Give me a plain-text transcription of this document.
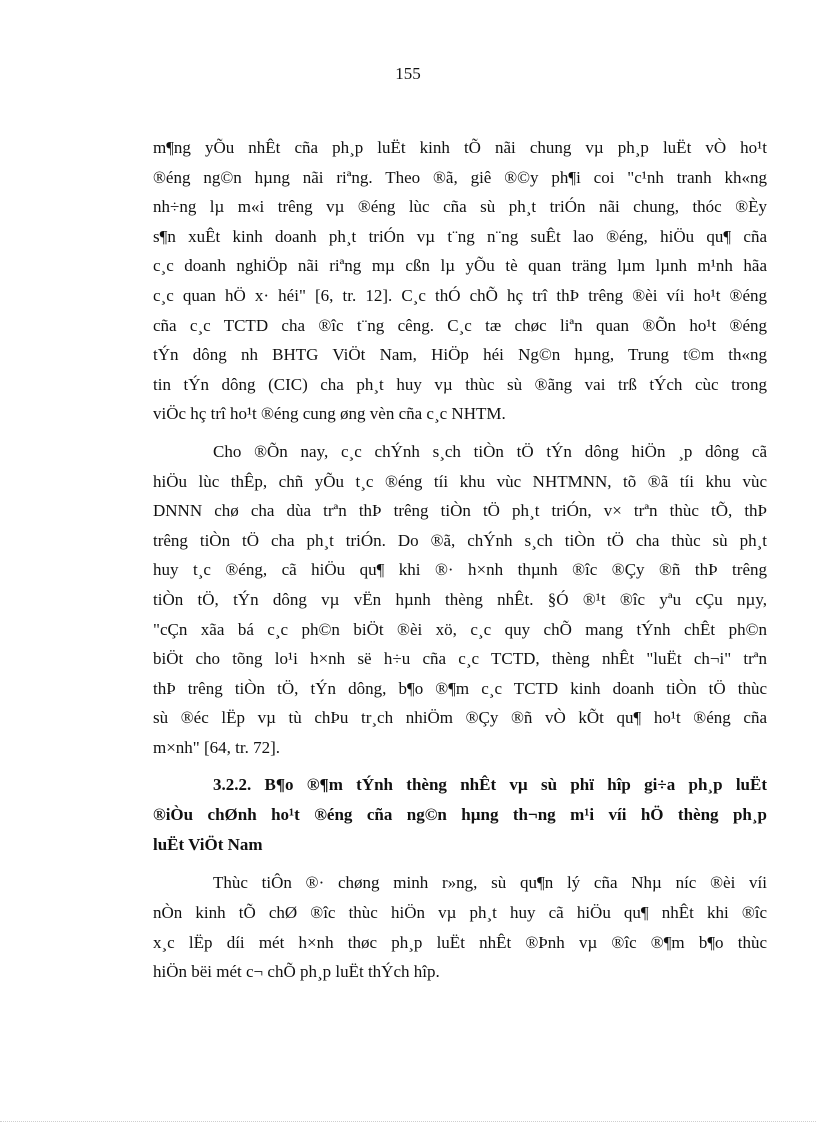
155
m¶ng yÕu nhÊt cña ph¸p luËt kinh tÕ nãi chung vµ ph¸p luËt vÒ ho¹t
®éng ng©n hµng nãi riªng. Theo ®ã, giê ®©y ph¶i coi "c¹nh tranh kh«ng
nh÷ng lµ m«i trêng vµ ®éng lùc cña sù ph¸t triÓn nãi chung, thóc ®Èy
s¶n xuÊt kinh doanh ph¸t triÓn vµ t¨ng n¨ng suÊt lao ®éng, hiÖu qu¶ cña
c¸c doanh nghiÖp nãi riªng mµ cßn lµ yÕu tè quan träng lµm lµnh m¹nh hãa
c¸c quan hÖ x· héi" [6, tr. 12]. C¸c thÓ chÕ hç trî thÞ trêng ®èi víi ho¹t ®éng
cña c¸c TCTD cha ®îc t¨ng cêng. C¸c tæ chøc liªn quan ®Õn ho¹t ®éng
tÝn dông nh BHTG ViÖt Nam, HiÖp héi Ng©n hµng, Trung t©m th«ng
tin tÝn dông (CIC) cha ph¸t huy vµ thùc sù ®ãng vai trß tÝch cùc trong
viÖc hç trî ho¹t ®éng cung øng vèn cña c¸c NHTM.
Cho ®Õn nay, c¸c chÝnh s¸ch tiÒn tÖ tÝn dông hiÖn ¸p dông cã
hiÖu lùc thÊp, chñ yÕu t¸c ®éng tíi khu vùc NHTMNN, tõ ®ã tíi khu vùc
DNNN chø cha dùa trªn thÞ trêng tiÒn tÖ ph¸t triÓn, v× trªn thùc tÕ, thÞ
trêng tiÒn tÖ cha ph¸t triÓn. Do ®ã, chÝnh s¸ch tiÒn tÖ cha thùc sù ph¸t
huy t¸c ®éng, cã hiÖu qu¶ khi ®· h×nh thµnh ®îc ®Çy ®ñ thÞ trêng
tiÒn tÖ, tÝn dông vµ vËn hµnh thèng nhÊt. §Ó ®¹t ®îc yªu cÇu nµy,
"cÇn xãa bá c¸c ph©n biÖt ®èi xö, c¸c quy chÕ mang tÝnh chÊt ph©n
biÖt cho tõng lo¹i h×nh së h÷u cña c¸c TCTD, thèng nhÊt "luËt ch¬i" trªn
thÞ trêng tiÒn tÖ, tÝn dông, b¶o ®¶m c¸c TCTD kinh doanh tiÒn tÖ thùc
sù ®éc lËp vµ tù chÞu tr¸ch nhiÖm ®Çy ®ñ vÒ kÕt qu¶ ho¹t ®éng cña
m×nh" [64, tr. 72].
3.2.2. B¶o ®¶m tÝnh thèng nhÊt vµ sù phï hîp gi÷a ph¸p luËt
®iÒu chØnh ho¹t ®éng cña ng©n hµng th¬ng m¹i víi hÖ thèng ph¸p
luËt ViÖt Nam
Thùc tiÔn ®· chøng minh r»ng, sù qu¶n lý cña Nhµ níc ®èi víi
nÒn kinh tÕ chØ ®îc thùc hiÖn vµ ph¸t huy cã hiÖu qu¶ nhÊt khi ®îc
x¸c lËp díi mét h×nh thøc ph¸p luËt nhÊt ®Þnh vµ ®îc ®¶m b¶o thùc
hiÖn bëi mét c¬ chÕ ph¸p luËt thÝch hîp.
